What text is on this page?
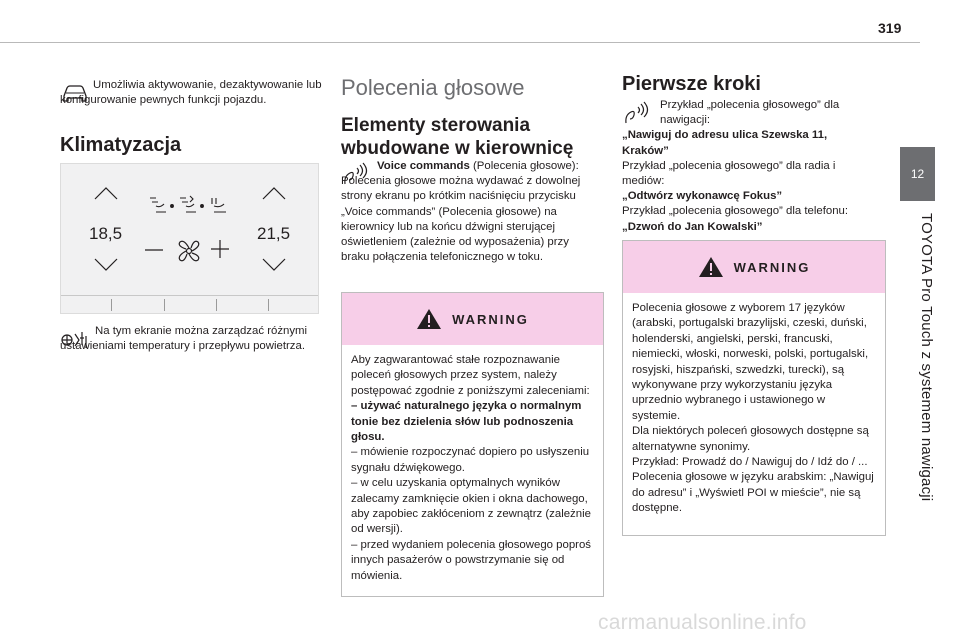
319
12
TOYOTA Pro Touch z systemem nawigacji
Umożliwia aktywowanie, dezaktywowanie lub konfigurowanie pewnych funkcji pojazdu.
Klimatyzacja
18,5	21,5
Na tym ekranie można zarządzać różnymi ustawieniami temperatury i przepływu powietrza.
Polecenia głosowe
Elementy sterowania
wbudowane w kierownicę
Voice commands (Polecenia głosowe): Polecenia głosowe można wydawać z dowolnej strony ekranu po krótkim naciśnięciu przycisku „Voice commands” (Polecenia głosowe) na kierownicy lub na końcu dźwigni sterującej oświetleniem (zależnie od wyposażenia) przy braku połączenia telefonicznego w toku.
WARNING
Aby zagwarantować stałe rozpoznawanie poleceń głosowych przez system, należy postępować zgodnie z poniższymi zaleceniami:
– używać naturalnego języka o normalnym tonie bez dzielenia słów lub podnoszenia głosu.
– mówienie rozpoczynać dopiero po usłyszeniu sygnału dźwiękowego.
– w celu uzyskania optymalnych wyników zalecamy zamknięcie okien i okna dachowego, aby zapobiec zakłóceniom z zewnątrz (zależnie od wersji).
– przed wydaniem polecenia głosowego poproś innych pasażerów o powstrzymanie się od mówienia.
Pierwsze kroki
Przykład „polecenia głosowego” dla nawigacji:
„Nawiguj do adresu ulica Szewska 11, Kraków”
Przykład „polecenia głosowego” dla radia i mediów:
„Odtwórz wykonawcę Fokus”
Przykład „polecenia głosowego” dla telefonu:
„Dzwoń do Jan Kowalski”
WARNING
Polecenia głosowe z wyborem 17 języków (arabski, portugalski brazylijski, czeski, duński, holenderski, angielski, perski, francuski, niemiecki, włoski, norweski, polski, portugalski, rosyjski, hiszpański, szwedzki, turecki), są wykonywane przy wykorzystaniu języka uprzednio wybranego i ustawionego w systemie.
Dla niektórych poleceń głosowych dostępne są alternatywne synonimy.
Przykład: Prowadź do / Nawiguj do / Idź do / ...
Polecenia głosowe w języku arabskim: „Nawiguj do adresu” i „Wyświetl POI w mieście”, nie są dostępne.
carmanualsonline.info
